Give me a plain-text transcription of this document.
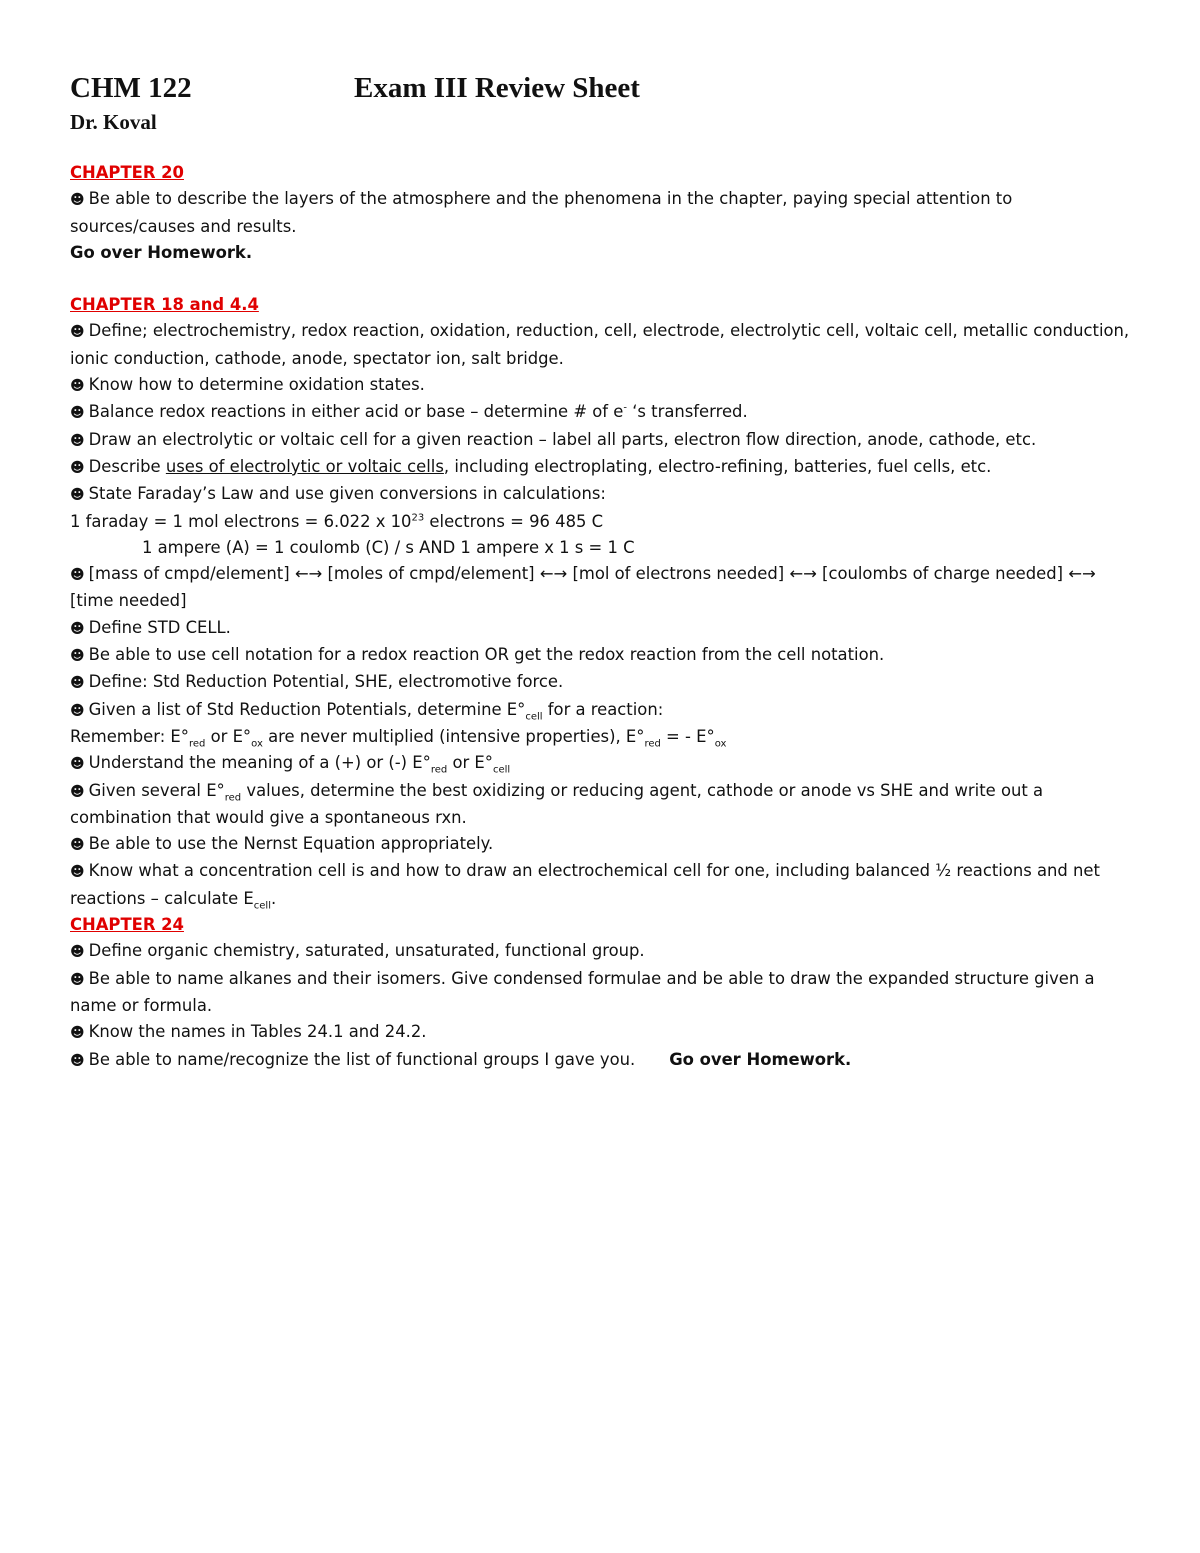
CHM 122	Exam III Review Sheet
Dr. Koval

CHAPTER 20

☻ Be able to describe the layers of the atmosphere and the phenomena in the chapter, paying special attention to sources/causes and results.

Go over Homework.

CHAPTER 18 and 4.4

☻ Define; electrochemistry, redox reaction, oxidation, reduction, cell, electrode, electrolytic cell, voltaic cell, metallic conduction, ionic conduction, cathode, anode, spectator ion, salt bridge.

☻ Know how to determine oxidation states.

☻ Balance redox reactions in either acid or base – determine # of e- ‘s transferred.

☻ Draw an electrolytic or voltaic cell for a given reaction – label all parts, electron flow direction, anode, cathode, etc.

☻ Describe uses of electrolytic or voltaic cells, including electroplating, electro-refining, batteries, fuel cells, etc.

☻ State Faraday’s Law and use given conversions in calculations:

1 faraday = 1 mol electrons = 6.022 x $10^{23}$ electrons = 96 485 C

1 ampere (A) = 1 coulomb (C) / s AND 1 ampere x 1 s = 1 C

☻ [mass of cmpd/element] ←→ [moles of cmpd/element] ←→ [mol of electrons needed] ←→ [coulombs of charge needed] ←→ [time needed]

☻ Define STD CELL.

☻ Be able to use cell notation for a redox reaction OR get the redox reaction from the cell notation.

☻ Define: Std Reduction Potential, SHE, electromotive force.

☻ Given a list of Std Reduction Potentials, determine $E^\circ_{cell}$ for a reaction:

Remember: $E^\circ_{red}$ or $E^\circ_{ox}$ are never multiplied (intensive properties), $E^\circ_{red}$ = - $E^\circ_{ox}$

☻ Understand the meaning of a (+) or (-) $E^\circ_{red}$ or $E^\circ_{cell}$

☻ Given several $E^\circ_{red}$ values, determine the best oxidizing or reducing agent, cathode or anode vs SHE and write out a combination that would give a spontaneous rxn.

☻ Be able to use the Nernst Equation appropriately.

☻ Know what a concentration cell is and how to draw an electrochemical cell for one, including balanced ½ reactions and net reactions – calculate $E_{cell}$.

CHAPTER 24

☻ Define organic chemistry, saturated, unsaturated, functional group.

☻ Be able to name alkanes and their isomers. Give condensed formulae and be able to draw the expanded structure given a name or formula.

☻ Know the names in Tables 24.1 and 24.2.

☻ Be able to name/recognize the list of functional groups I gave you. Go over Homework.
